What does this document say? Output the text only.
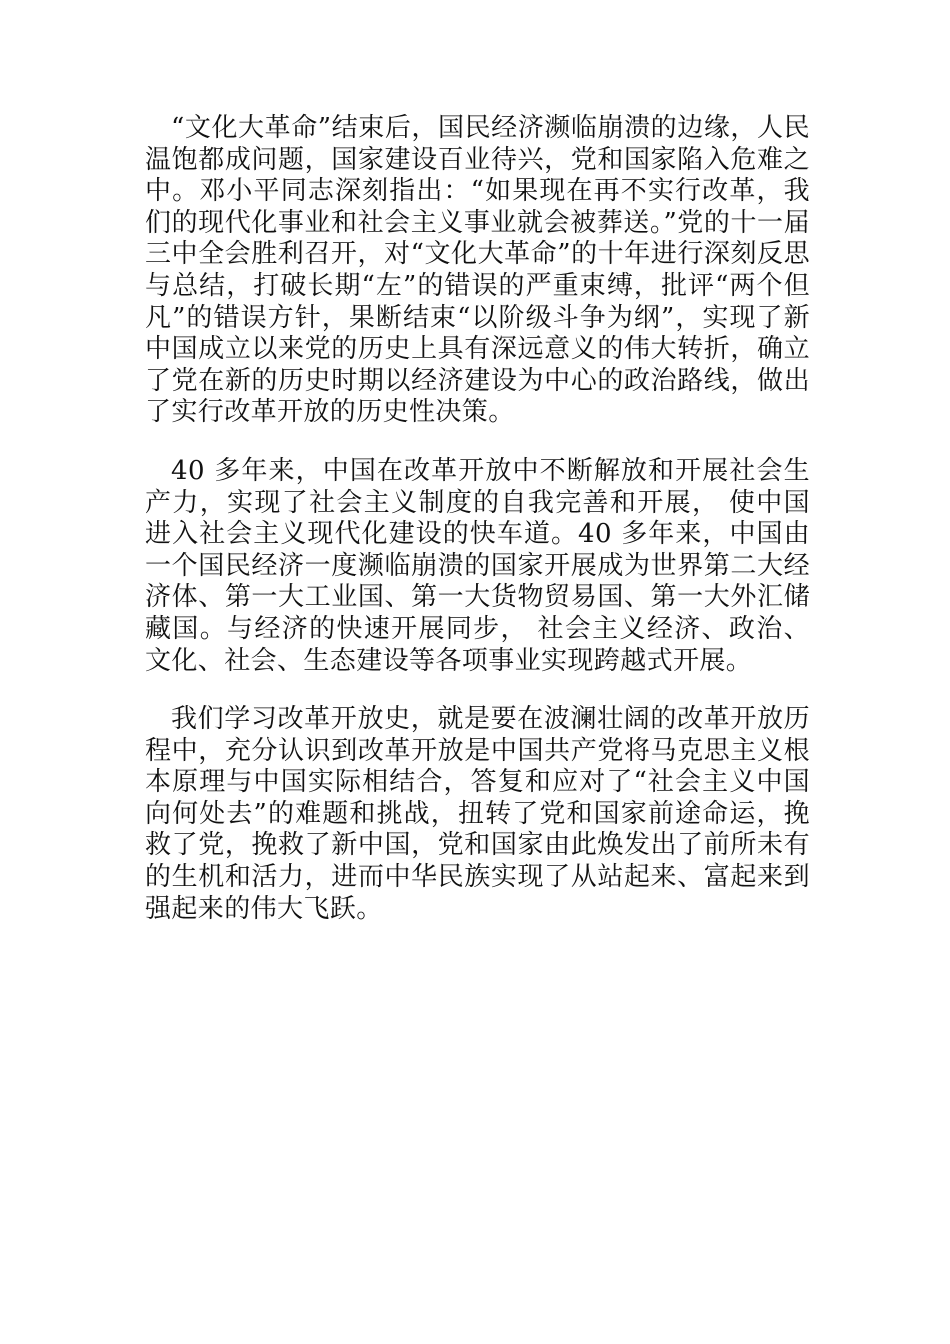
“文化大革命”结束后，国民经济濒临崩溃的边缘，人民温饱都成问题，国家建设百业待兴，党和国家陷入危难之中。邓小平同志深刻指出：“如果现在再不实行改革，我们的现代化事业和社会主义事业就会被葬送。”党的十一届三中全会胜利召开，对“文化大革命”的十年进行深刻反思与总结，打破长期“左”的错误的严重束缚，批评“两个但凡”的错误方针，果断结束“以阶级斗争为纲”，实现了新中国成立以来党的历史上具有深远意义的伟大转折，确立了党在新的历史时期以经济建设为中心的政治路线，做出了实行改革开放的历史性决策。

40 多年来，中国在改革开放中不断解放和开展社会生产力，实现了社会主义制度的自我完善和开展， 使中国进入社会主义现代化建设的快车道。40 多年来，中国由一个国民经济一度濒临崩溃的国家开展成为世界第二大经济体、第一大工业国、第一大货物贸易国、第一大外汇储藏国。与经济的快速开展同步， 社会主义经济、政治、文化、社会、生态建设等各项事业实现跨越式开展。

我们学习改革开放史，就是要在波澜壮阔的改革开放历程中，充分认识到改革开放是中国共产党将马克思主义根本原理与中国实际相结合，答复和应对了“社会主义中国向何处去”的难题和挑战，扭转了党和国家前途命运，挽救了党，挽救了新中国，党和国家由此焕发出了前所未有的生机和活力，进而中华民族实现了从站起来、富起来到强起来的伟大飞跃。
